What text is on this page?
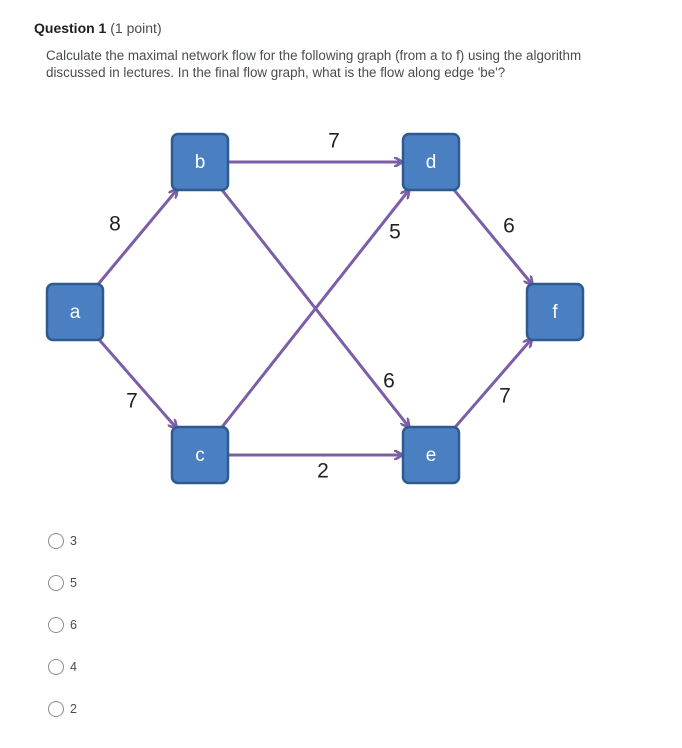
Question 1 (1 point)
Calculate the maximal network flow for the following graph (from a to f) using the algorithm discussed in lectures. In the final flow graph, what is the flow along edge 'be'?
8
7
7
6
5
2
6
7
a
b
c
d
e
f
3
5
6
4
2
